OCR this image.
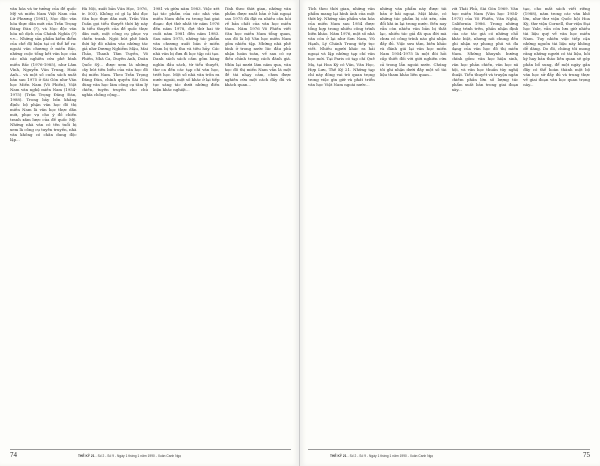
văn hóa và tư tưởng của đế quốc Mỹ và miền Nam Việt Nam của Lữ Phương (1981), Nọc độc văn hóa thực dân mới của Trần Trọng Đăng Đàn (?), và Nọc độc văn hóa nô dịch của Chánh Nghĩa (?) v.v... Những sản phẩm kiểm điểm của chế độ hiện tại có thể kể ra: ngoài văn chương ở miền Bắc, những cuộc tổng kết văn học của các nhà nghiên cứu phê bình miền Bắc (1976-1985), như Lâm Vĩnh, Nguyễn Văn Trung, Hoài Anh... và một số cuốn sách xuất bản sau 1975 ở Sài Gòn như Văn học Miền Nam (Võ Phiến), Việt Nam văn nghệ miền Nam (1954-1975) (Trần Trọng Đăng Đàn, 1988). Trong bảy bốn khẳng định: bộ phận văn học đô thị miền Nam là văn học thực dân mới, phục vụ cho ý đồ chiến tranh xâm lược của đế quốc Mỹ. Những nhà văn có tên tuổi bị xem là công cụ tuyên truyền, nhà văn không có chân dung độc lập...

Hà Nội, xuất bản Văn Học, 1976, tr. 503). Không có gì lạ khi đọc Văn học thực dân mới, Trần Văn Tuấn gọi tiểu thuyết thời kỳ này là tiểu thuyết của đế quốc thực dân mới, một công cụ phục vụ chiến tranh. Ngòi bút phê bình thời kỳ đó nhắm vào những tác giả như Dương Nghiễm Mậu, Mai Thảo, Thanh Tâm Tuyền, Võ Phiến, Nhã Ca, Duyên Anh, Doãn Quốc Sỹ... được xem là những cây bút tiêu biểu của văn học đô thị miền Nam. Theo Trần Trọng Đăng Đàn, chính quyền Sài Gòn dùng văn học làm công cụ tâm lý chiến, tuyên truyền cho chủ nghĩa chống cộng...

1981 và giữa năm 1983. Việc xét lại tác phẩm của các nhà văn miền Nam diễn ra trong hai giai đoạn: đợt thứ nhất từ năm 1976 đến năm 1978, đợt thứ hai từ cuối năm 1981 đến năm 1983. Sau năm 1975, những tác phẩm văn chương xuất bản ở miền Nam bị tịch thu và tiêu hủy. Các nhà văn bị đưa đi học tập cải tạo. Danh sách sách cấm gồm hàng nghìn đầu sách, từ tiểu thuyết, thơ ca đến các tạp chí văn học, triết học. Một số nhà văn trốn ra nước ngoài, một số khác ở lại tiếp tục sáng tác dưới những điều kiện khắc nghiệt...

Tính theo thời gian, những văn phẩm được xuất bản ở hải ngoại sau 1975 đã đặt ra nhiều câu hỏi về bản chất của văn học miền Nam. Năm 1976 Võ Phiến viết Văn học miền Nam tổng quan, sau đó là bộ Văn học miền Nam gồm nhiều tập. Những nhà phê bình ở trong nước lúc đầu phủ nhận hoàn toàn, về sau có sự điều chỉnh trong cách đánh giá. Nhìn lại mười lăm năm qua, văn học đô thị miền Nam vẫn là một đề tài nhạy cảm, chưa được nghiên cứu một cách đầy đủ và khách quan...

74	THẾ KỶ 21 - Số 2 - Số 9 - Ngày 1 tháng 1 năm 1990 - Xuân Canh Ngọ

Tích theo thời gian, những văn phẩm mang lại hình ảnh của một thời kỳ. Những sản phẩm văn hóa của miền Nam sau 1954 được tổng hợp trong nhiều công trình biên khảo. Năm 1976, một số nhà văn còn ở lại như Sơn Nam, Vũ Hạnh, Lý Chánh Trung tiếp tục viết. Nhiều người khác ra hải ngoại và lập những tạp chí văn học mới. Tại Paris có tạp chí Quê Mẹ, tại Hoa Kỳ có Văn, Văn Học, Hợp Lưu, Thế Kỷ 21. Những tạp chí này đóng vai trò quan trọng trong việc gìn giữ và phát triển văn học Việt Nam ngoài nước...

những văn phẩm này được tái bản ở hải ngoại. Mặt khác, có những tác phẩm bị cắt xén, sửa đổi khi in lại trong nước. Đến nay vẫn còn nhiều văn bản bị thất lạc, nhiều tác giả đã qua đời mà chưa có công trình nào ghi nhận đầy đủ. Việc sưu tầm, biên khảo và đánh giá lại văn học miền Nam 1954-1975 là một đòi hỏi cấp thiết đối với giới nghiên cứu cả trong lẫn ngoài nước. Chúng tôi ghi nhận dưới đây một số tài liệu tham khảo liên quan...

với Thái Phủ, Sài Gòn 1969. Văn học miền Nam (Văn học 1954-1975) của Võ Phiến, Văn Nghệ, California 1986. Trong những công trình trên, phần nhận định của các tác giả có những chỗ khác biệt, nhưng nói chung đều ghi nhận sự phong phú và đa dạng của văn học đô thị miền Nam. Những khuynh hướng chính gồm: văn học hiện sinh, văn học phản chiến, văn học xã hội, và văn học thuần túy nghệ thuật. Tiểu thuyết và truyện ngắn chiếm phần lớn số lượng tác phẩm xuất bản trong giai đoạn này...

tạo, cho mất sách viết riêng (1988), năm trong các văn khố lớn, như thư viện Quốc hội Hoa Kỳ, thư viện Cornell, thư viện Đại học Yale, vẫn còn lưu giữ nhiều tài liệu quý về văn học miền Nam. Tuy nhiên việc tiếp cận những nguồn tài liệu này không dễ dàng. Do đó, chúng tôi mong rằng những người có tài liệu, hồi ký hay bản thảo liên quan sẽ góp phần bổ sung, để một ngày gần đây có thể hoàn thành một bộ văn học sử đầy đủ và trung thực về giai đoạn văn học quan trọng này...

THẾ KỶ 21 - Số 2 - Số 9 - Ngày 1 tháng 1 năm 1990 - Xuân Canh Ngọ	75
